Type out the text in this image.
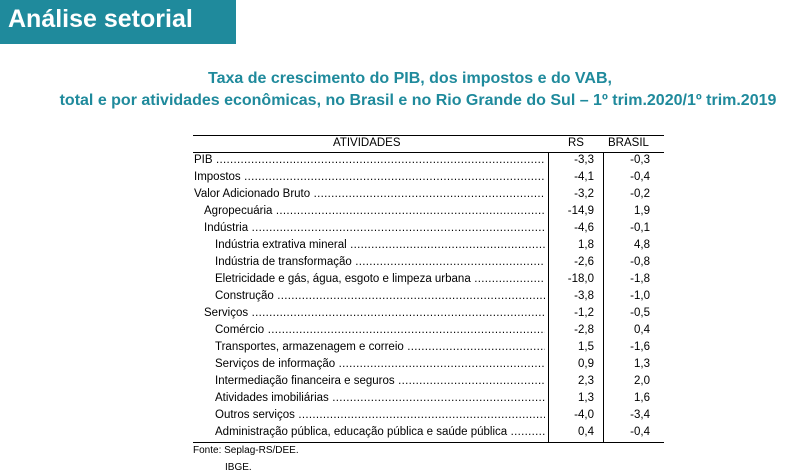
Análise setorial
Taxa de crescimento do PIB, dos impostos e do VAB,
total e por atividades econômicas, no Brasil e no Rio Grande do Sul – 1º trim.2020/1º trim.2019
ATIVIDADES	RS BRASIL
PIB .....	-3,3	-0,3
Impostos .....	-4,1	-0,4
Valor Adicionado Bruto .....	-3,2	-0,2
Agropecuária .....	-14,9	1,9
Indústria .....	-4,6	-0,1
Indústria extrativa mineral .....	1,8	4,8
Indústria de transformação .....	-2,6	-0,8
Eletricidade e gás, água, esgoto e limpeza urbana .....	-18,0	-1,8
Construção .....	-3,8	-1,0
Serviços .....	-1,2	-0,5
Comércio .....	-2,8	0,4
Transportes, armazenagem e correio .....	1,5	-1,6
Serviços de informação .....	0,9	1,3
Intermediação financeira e seguros .....	2,3	2,0
Atividades imobiliárias .....	1,3	1,6
Outros serviços .....	-4,0	-3,4
Administração pública, educação pública e saúde pública .....	0,4	-0,4
Fonte: Seplag-RS/DEE.
IBGE.
